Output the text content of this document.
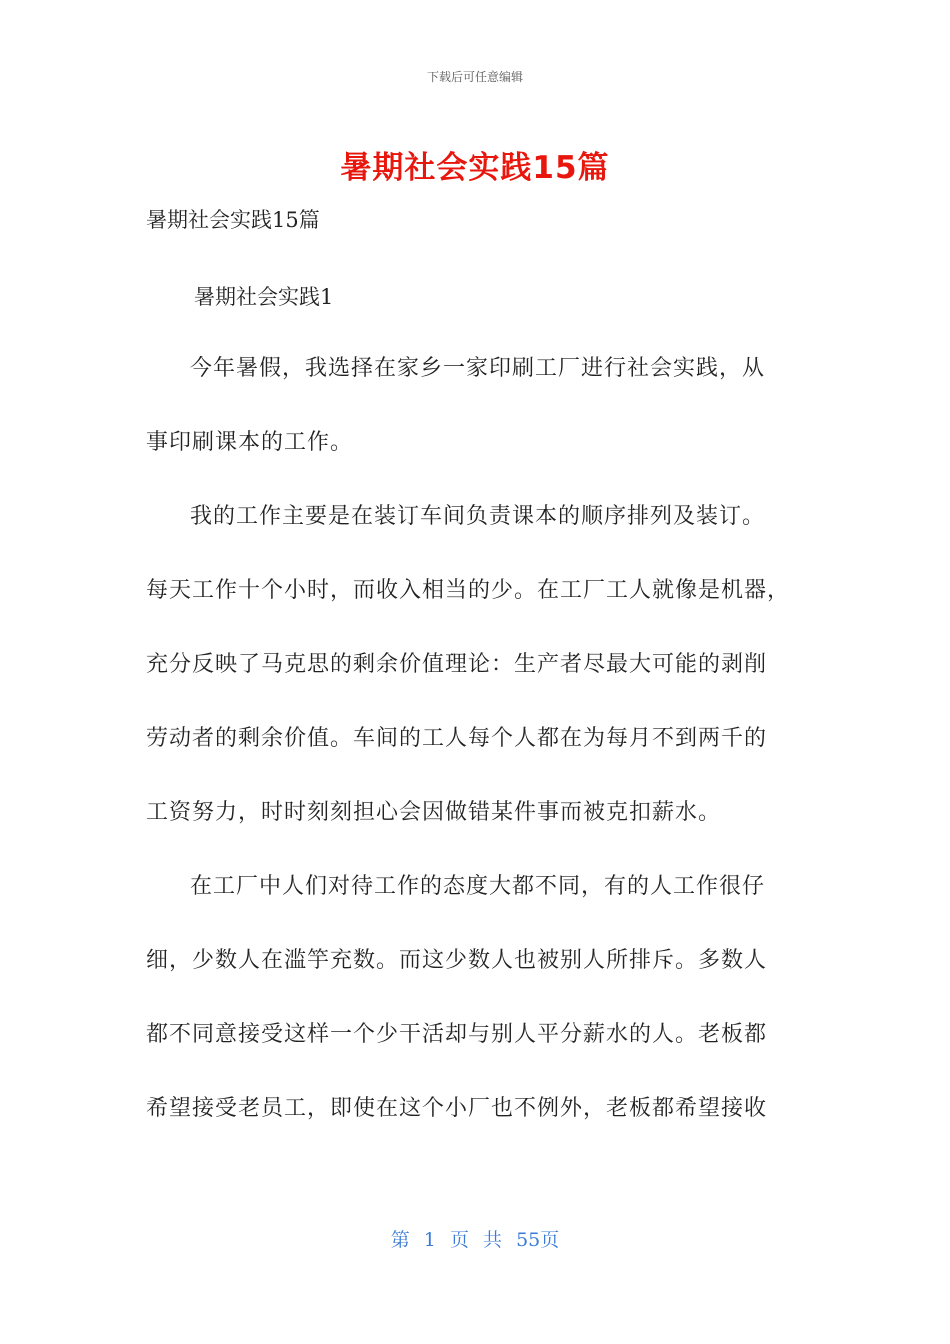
下载后可任意编辑
暑期社会实践15篇

暑期社会实践15篇

暑期社会实践1

今年暑假，我选择在家乡一家印刷工厂进行社会实践，从
事印刷课本的工作。

我的工作主要是在装订车间负责课本的顺序排列及装订。
每天工作十个小时，而收入相当的少。在工厂工人就像是机器，
充分反映了马克思的剩余价值理论：生产者尽最大可能的剥削
劳动者的剩余价值。车间的工人每个人都在为每月不到两千的
工资努力，时时刻刻担心会因做错某件事而被克扣薪水。

在工厂中人们对待工作的态度大都不同，有的人工作很仔
细，少数人在滥竽充数。而这少数人也被别人所排斥。多数人
都不同意接受这样一个少干活却与别人平分薪水的人。老板都
希望接受老员工，即使在这个小厂也不例外，老板都希望接收

第 1 页 共 55页
